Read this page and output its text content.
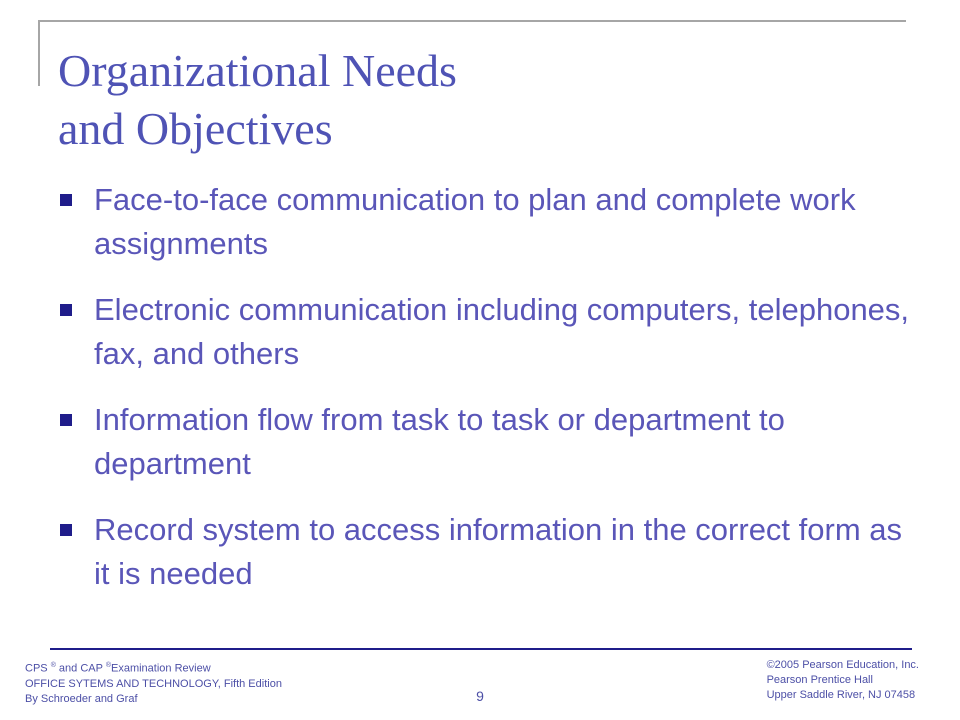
Organizational Needs
and Objectives
Face-to-face communication to plan and complete work assignments
Electronic communication including computers, telephones, fax, and others
Information flow from task to task or department to department
Record system to access information in the correct form as it is needed
CPS ® and CAP ®Examination Review
OFFICE SYTEMS AND TECHNOLOGY, Fifth Edition
By Schroeder and Graf	9
©2005 Pearson Education, Inc.
Pearson Prentice Hall
Upper Saddle River, NJ 07458
